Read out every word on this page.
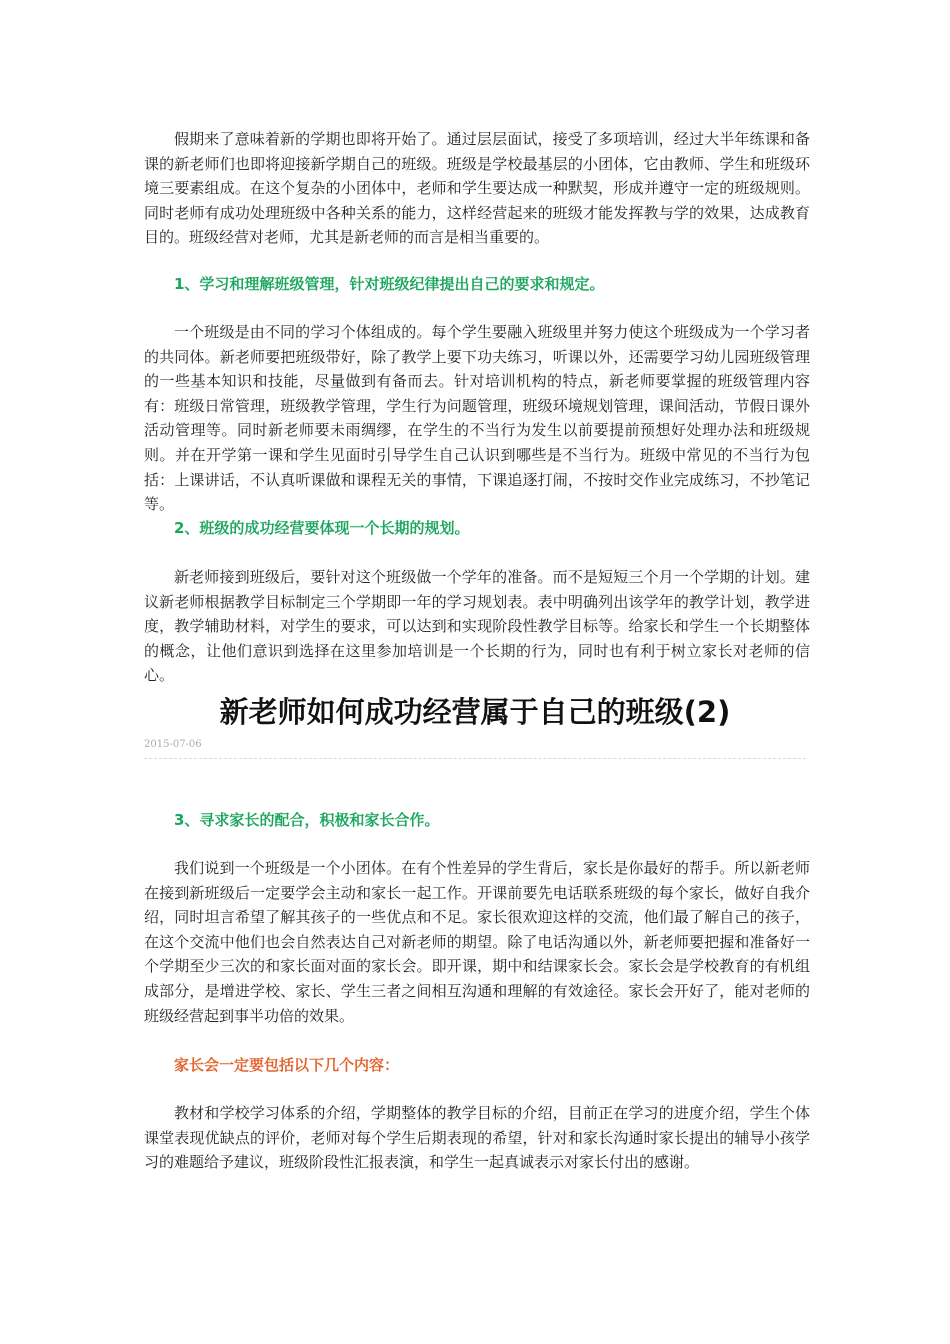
假期来了意味着新的学期也即将开始了。通过层层面试，接受了多项培训，经过大半年练课和备课的新老师们也即将迎接新学期自己的班级。班级是学校最基层的小团体，它由教师、学生和班级环境三要素组成。在这个复杂的小团体中，老师和学生要达成一种默契，形成并遵守一定的班级规则。同时老师有成功处理班级中各种关系的能力，这样经营起来的班级才能发挥教与学的效果，达成教育目的。班级经营对老师，尤其是新老师的而言是相当重要的。

1、学习和理解班级管理，针对班级纪律提出自己的要求和规定。

一个班级是由不同的学习个体组成的。每个学生要融入班级里并努力使这个班级成为一个学习者的共同体。新老师要把班级带好，除了教学上要下功夫练习，听课以外，还需要学习幼儿园班级管理的一些基本知识和技能，尽量做到有备而去。针对培训机构的特点，新老师要掌握的班级管理内容有：班级日常管理，班级教学管理，学生行为问题管理，班级环境规划管理，课间活动，节假日课外活动管理等。同时新老师要未雨绸缪，在学生的不当行为发生以前要提前预想好处理办法和班级规则。并在开学第一课和学生见面时引导学生自己认识到哪些是不当行为。班级中常见的不当行为包括：上课讲话，不认真听课做和课程无关的事情，下课追逐打闹，不按时交作业完成练习，不抄笔记等。

2、班级的成功经营要体现一个长期的规划。

新老师接到班级后，要针对这个班级做一个学年的准备。而不是短短三个月一个学期的计划。建议新老师根据教学目标制定三个学期即一年的学习规划表。表中明确列出该学年的教学计划，教学进度，教学辅助材料，对学生的要求，可以达到和实现阶段性教学目标等。给家长和学生一个长期整体的概念，让他们意识到选择在这里参加培训是一个长期的行为，同时也有利于树立家长对老师的信心。

新老师如何成功经营属于自己的班级(2)
2015-07-06

3、寻求家长的配合，积极和家长合作。

我们说到一个班级是一个小团体。在有个性差异的学生背后，家长是你最好的帮手。所以新老师在接到新班级后一定要学会主动和家长一起工作。开课前要先电话联系班级的每个家长，做好自我介绍，同时坦言希望了解其孩子的一些优点和不足。家长很欢迎这样的交流，他们最了解自己的孩子，在这个交流中他们也会自然表达自己对新老师的期望。除了电话沟通以外，新老师要把握和准备好一个学期至少三次的和家长面对面的家长会。即开课，期中和结课家长会。家长会是学校教育的有机组成部分，是增进学校、家长、学生三者之间相互沟通和理解的有效途径。家长会开好了，能对老师的班级经营起到事半功倍的效果。

家长会一定要包括以下几个内容：

教材和学校学习体系的介绍，学期整体的教学目标的介绍，目前正在学习的进度介绍，学生个体课堂表现优缺点的评价，老师对每个学生后期表现的希望，针对和家长沟通时家长提出的辅导小孩学习的难题给予建议，班级阶段性汇报表演，和学生一起真诚表示对家长付出的感谢。
